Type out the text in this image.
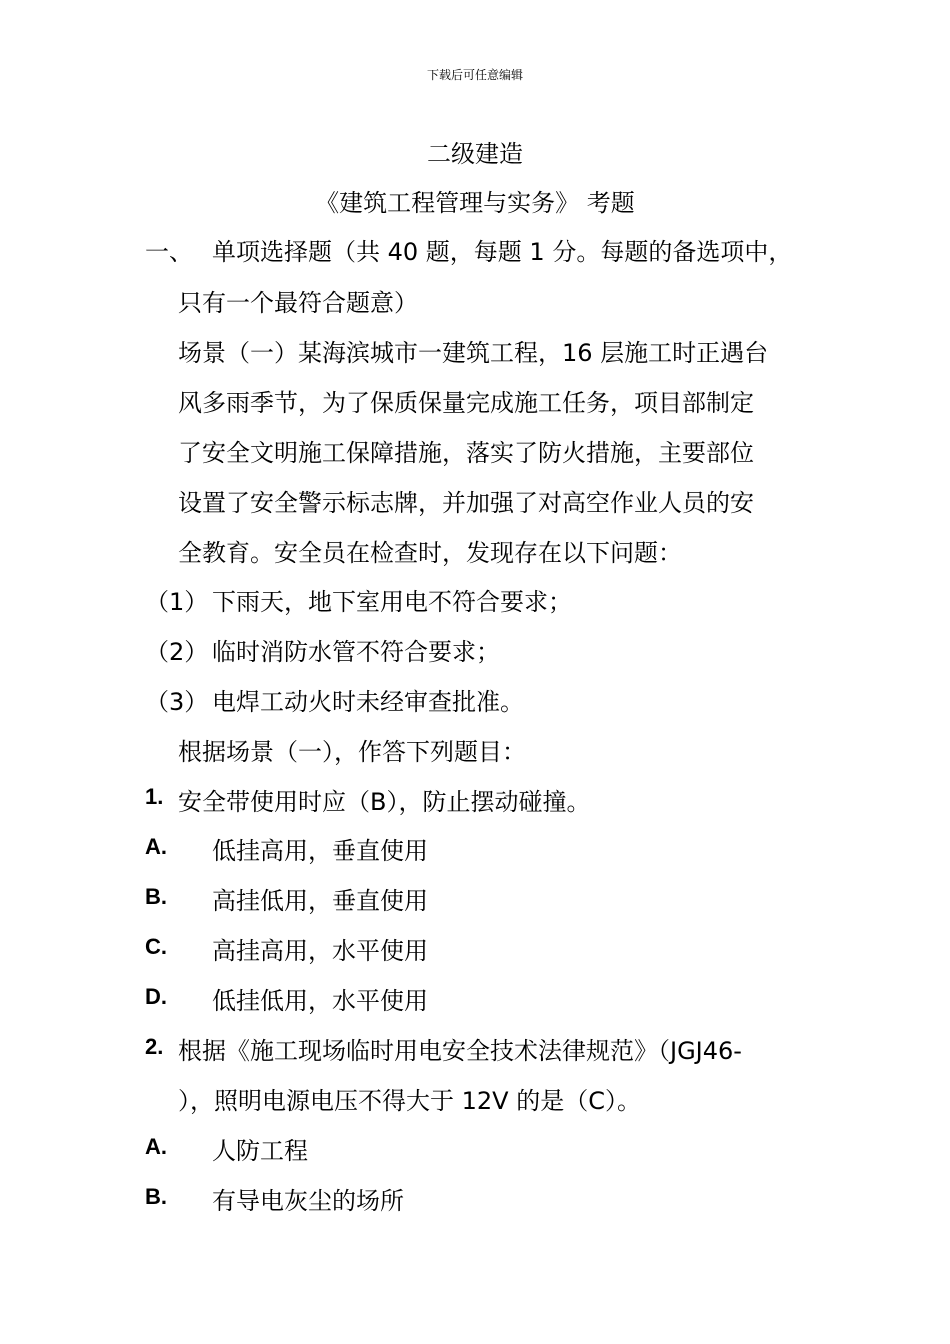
下载后可任意编辑
二级建造
《建筑工程管理与实务》 考题
一、 单项选择题（共 40 题，每题 1 分。每题的备选项中，
只有一个最符合题意）
场景（一）某海滨城市一建筑工程，16 层施工时正遇台
风多雨季节，为了保质保量完成施工任务，项目部制定
了安全文明施工保障措施，落实了防火措施，主要部位
设置了安全警示标志牌，并加强了对高空作业人员的安
全教育。安全员在检查时，发现存在以下问题：
（1） 下雨天，地下室用电不符合要求；
（2） 临时消防水管不符合要求；
（3） 电焊工动火时未经审查批准。
根据场景（一），作答下列题目：
1. 安全带使用时应（B），防止摆动碰撞。
A. 低挂高用，垂直使用
B. 高挂低用，垂直使用
C. 高挂高用，水平使用
D. 低挂低用，水平使用
2. 根据《施工现场临时用电安全技术法律规范》（JGJ46-
），照明电源电压不得大于 12V 的是（C）。
A. 人防工程
B. 有导电灰尘的场所
